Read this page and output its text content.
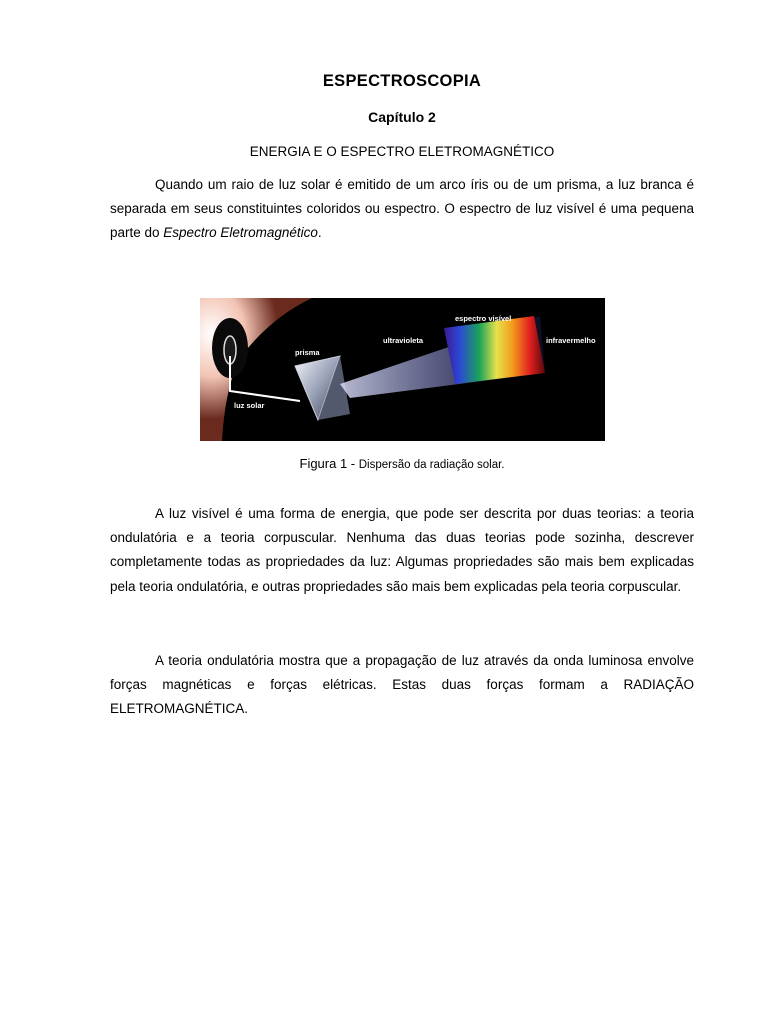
ESPECTROSCOPIA
Capítulo 2
ENERGIA E O ESPECTRO ELETROMAGNÉTICO
Quando um raio de luz solar é emitido de um arco íris ou de um prisma, a luz branca é separada em seus constituintes coloridos ou espectro. O espectro de luz visível é uma pequena parte do Espectro Eletromagnético.
prisma
luz solar
ultravioleta
espectro visível
infravermelho
Figura 1 - Dispersão da radiação solar.
A luz visível é uma forma de energia, que pode ser descrita por duas teorias: a teoria ondulatória e a teoria corpuscular. Nenhuma das duas teorias pode sozinha, descrever completamente todas as propriedades da luz: Algumas propriedades são mais bem explicadas pela teoria ondulatória, e outras propriedades são mais bem explicadas pela teoria corpuscular.
A teoria ondulatória mostra que a propagação de luz através da onda luminosa envolve forças magnéticas e forças elétricas. Estas duas forças formam a RADIAÇÃO ELETROMAGNÉTICA.
